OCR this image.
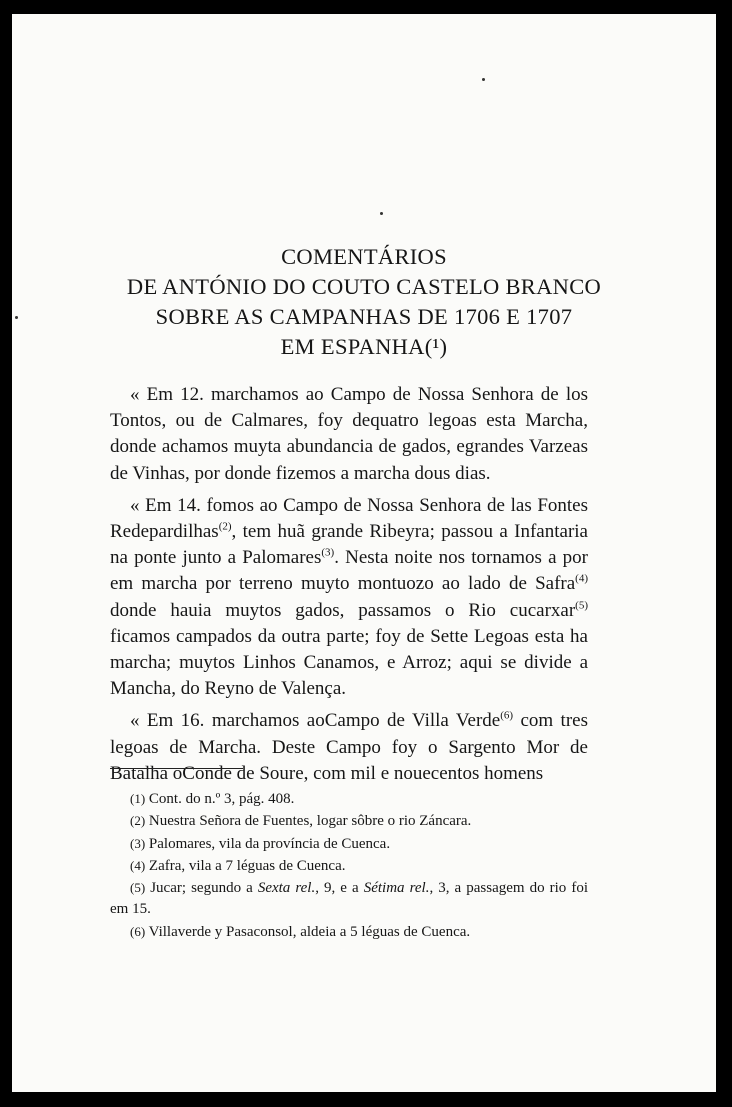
COMENTÁRIOS
DE ANTÓNIO DO COUTO CASTELO BRANCO
SOBRE AS CAMPANHAS DE 1706 E 1707
EM ESPANHA(¹)

« Em 12. marchamos ao Campo de Nossa Senhora de los Tontos, ou de Calmares, foy dequatro legoas esta Marcha, donde achamos muyta abundancia de gados, egrandes Varzeas de Vinhas, por donde fizemos a marcha dous dias.

« Em 14. fomos ao Campo de Nossa Senhora de las Fontes Redepardilhas$^{(2)}$, tem huã grande Ribeyra; passou a Infantaria na ponte junto a Palomares$^{(3)}$. Nesta noite nos tornamos a por em marcha por terreno muyto montuozo ao lado de Safra$^{(4)}$ donde hauia muytos gados, passamos o Rio cucarxar$^{(5)}$ ficamos campados da outra parte; foy de Sette Legoas esta ha marcha; muytos Linhos Canamos, e Arroz; aqui se divide a Mancha, do Reyno de Valença.

« Em 16. marchamos aoCampo de Villa Verde$^{(6)}$ com tres legoas de Marcha. Deste Campo foy o Sargento Mor de Batalha oConde de Soure, com mil e nouecentos homens

(1) Cont. do n.º 3, pág. 408.
(2) Nuestra Señora de Fuentes, logar sôbre o rio Záncara.
(3) Palomares, vila da província de Cuenca.
(4) Zafra, vila a 7 léguas de Cuenca.
(5) Jucar; segundo a Sexta rel., 9, e a Sétima rel., 3, a passagem do rio foi em 15.
(6) Villaverde y Pasaconsol, aldeia a 5 léguas de Cuenca.
